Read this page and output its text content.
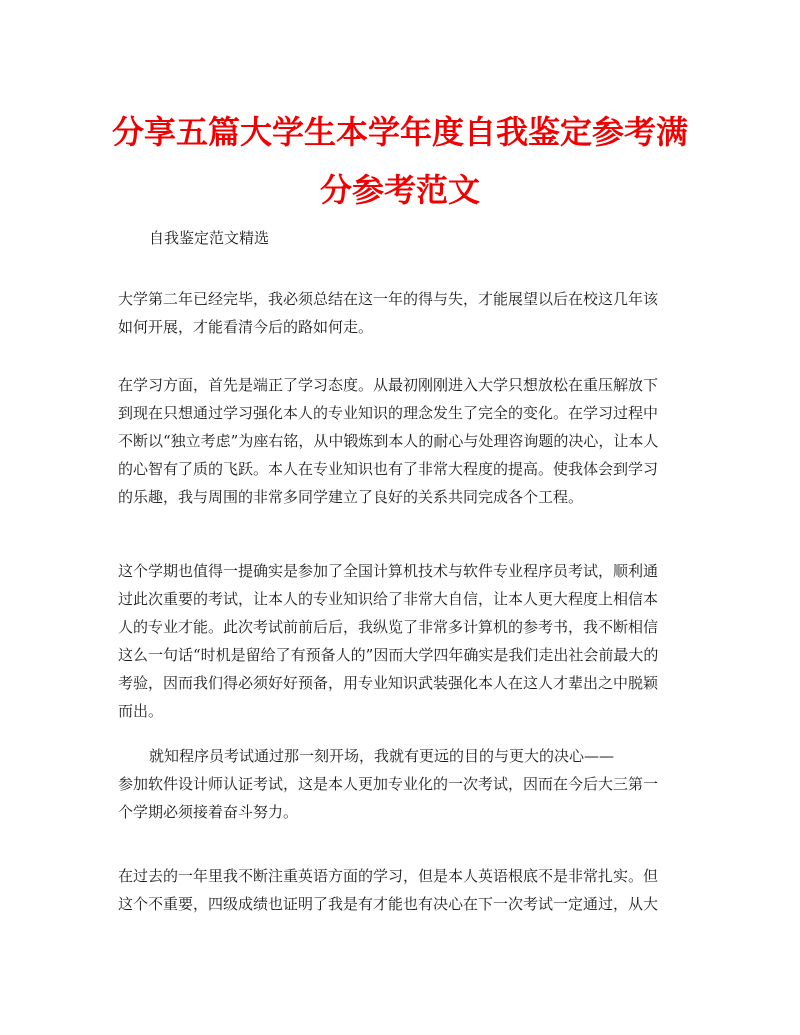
分享五篇大学生本学年度自我鉴定参考满
分参考范文
自我鉴定范文精选
大学第二年已经完毕，我必须总结在这一年的得与失，才能展望以后在校这几年该
如何开展，才能看清今后的路如何走。
在学习方面，首先是端正了学习态度。从最初刚刚进入大学只想放松在重压解放下
到现在只想通过学习强化本人的专业知识的理念发生了完全的变化。在学习过程中
不断以“独立考虑”为座右铭，从中锻炼到本人的耐心与处理咨询题的决心，让本人
的心智有了质的飞跃。本人在专业知识也有了非常大程度的提高。使我体会到学习
的乐趣，我与周围的非常多同学建立了良好的关系共同完成各个工程。
这个学期也值得一提确实是参加了全国计算机技术与软件专业程序员考试，顺利通
过此次重要的考试，让本人的专业知识给了非常大自信，让本人更大程度上相信本
人的专业才能。此次考试前前后后，我纵览了非常多计算机的参考书，我不断相信
这么一句话“时机是留给了有预备人的”因而大学四年确实是我们走出社会前最大的
考验，因而我们得必须好好预备，用专业知识武装强化本人在这人才辈出之中脱颖
而出。
就知程序员考试通过那一刻开场，我就有更远的目的与更大的决心——
参加软件设计师认证考试，这是本人更加专业化的一次考试，因而在今后大三第一
个学期必须接着奋斗努力。
在过去的一年里我不断注重英语方面的学习，但是本人英语根底不是非常扎实。但
这个不重要，四级成绩也证明了我是有才能也有决心在下一次考试一定通过，从大
